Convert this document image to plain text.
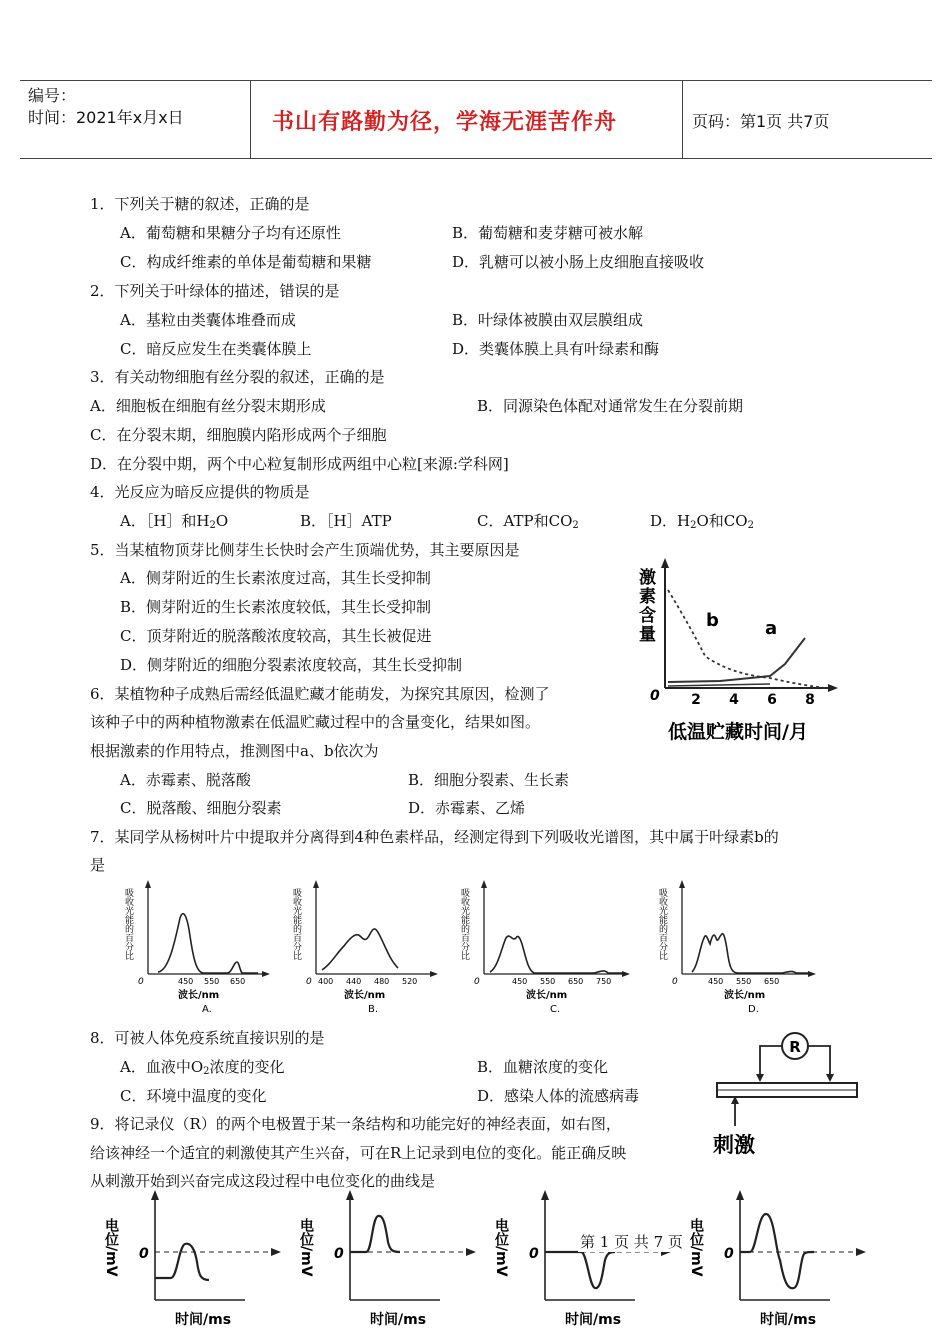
编号：
时间：2021年x月x日	书山有路勤为径，学海无涯苦作舟	页码：第1页 共7页
1．下列关于糖的叙述，正确的是
A．葡萄糖和果糖分子均有还原性	B．葡萄糖和麦芽糖可被水解
C．构成纤维素的单体是葡萄糖和果糖	D．乳糖可以被小肠上皮细胞直接吸收
2．下列关于叶绿体的描述，错误的是
A．基粒由类囊体堆叠而成	B．叶绿体被膜由双层膜组成
C．暗反应发生在类囊体膜上	D．类囊体膜上具有叶绿素和酶
3．有关动物细胞有丝分裂的叙述，正确的是
A．细胞板在细胞有丝分裂末期形成	B．同源染色体配对通常发生在分裂前期
C．在分裂末期，细胞膜内陷形成两个子细胞
D．在分裂中期，两个中心粒复制形成两组中心粒[来源:学科网]
4．光反应为暗反应提供的物质是
A．［H］和$H_2O$	B．［H］ATP	C．ATP和$CO_2$	D．$H_2O$和$CO_2$
5．当某植物顶芽比侧芽生长快时会产生顶端优势，其主要原因是
A．侧芽附近的生长素浓度过高，其生长受抑制
B．侧芽附近的生长素浓度较低，其生长受抑制
C．顶芽附近的脱落酸浓度较高，其生长被促进
D．侧芽附近的细胞分裂素浓度较高，其生长受抑制
6．某植物种子成熟后需经低温贮藏才能萌发，为探究其原因，检测了
该种子中的两种植物激素在低温贮藏过程中的含量变化，结果如图。
根据激素的作用特点，推测图中a、b依次为
A．赤霉素、脱落酸	B．细胞分裂素、生长素
C．脱落酸、细胞分裂素	D．赤霉素、乙烯
激素含量
0 2 4 6 8
b	a
低温贮藏时间/月
7．某同学从杨树叶片中提取并分离得到4种色素样品，经测定得到下列吸收光谱图，其中属于叶绿素b的
是
吸收光能的百分比
0	450 550 650
波长/nm
A.
吸收光能的百分比
0 400 440 480 520
波长/nm
B.
吸收光能的百分比
0	450 550 650 750
波长/nm
C.
吸收光能的百分比
0	450 550 650
波长/nm
D.
8．可被人体免疫系统直接识别的是
A．血液中$O_2$浓度的变化	B．血糖浓度的变化
C．环境中温度的变化	D．感染人体的流感病毒
R
刺激
9．将记录仪（R）的两个电极置于某一条结构和功能完好的神经表面，如右图，
给该神经一个适宜的刺激使其产生兴奋，可在R上记录到电位的变化。能正确反映
从刺激开始到兴奋完成这段过程中电位变化的曲线是
电位/mV 0
时间/ms
电位/mV 0
时间/ms
电位/mV 0
时间/ms
电位/mV 0
时间/ms
第 1 页 共 7 页
